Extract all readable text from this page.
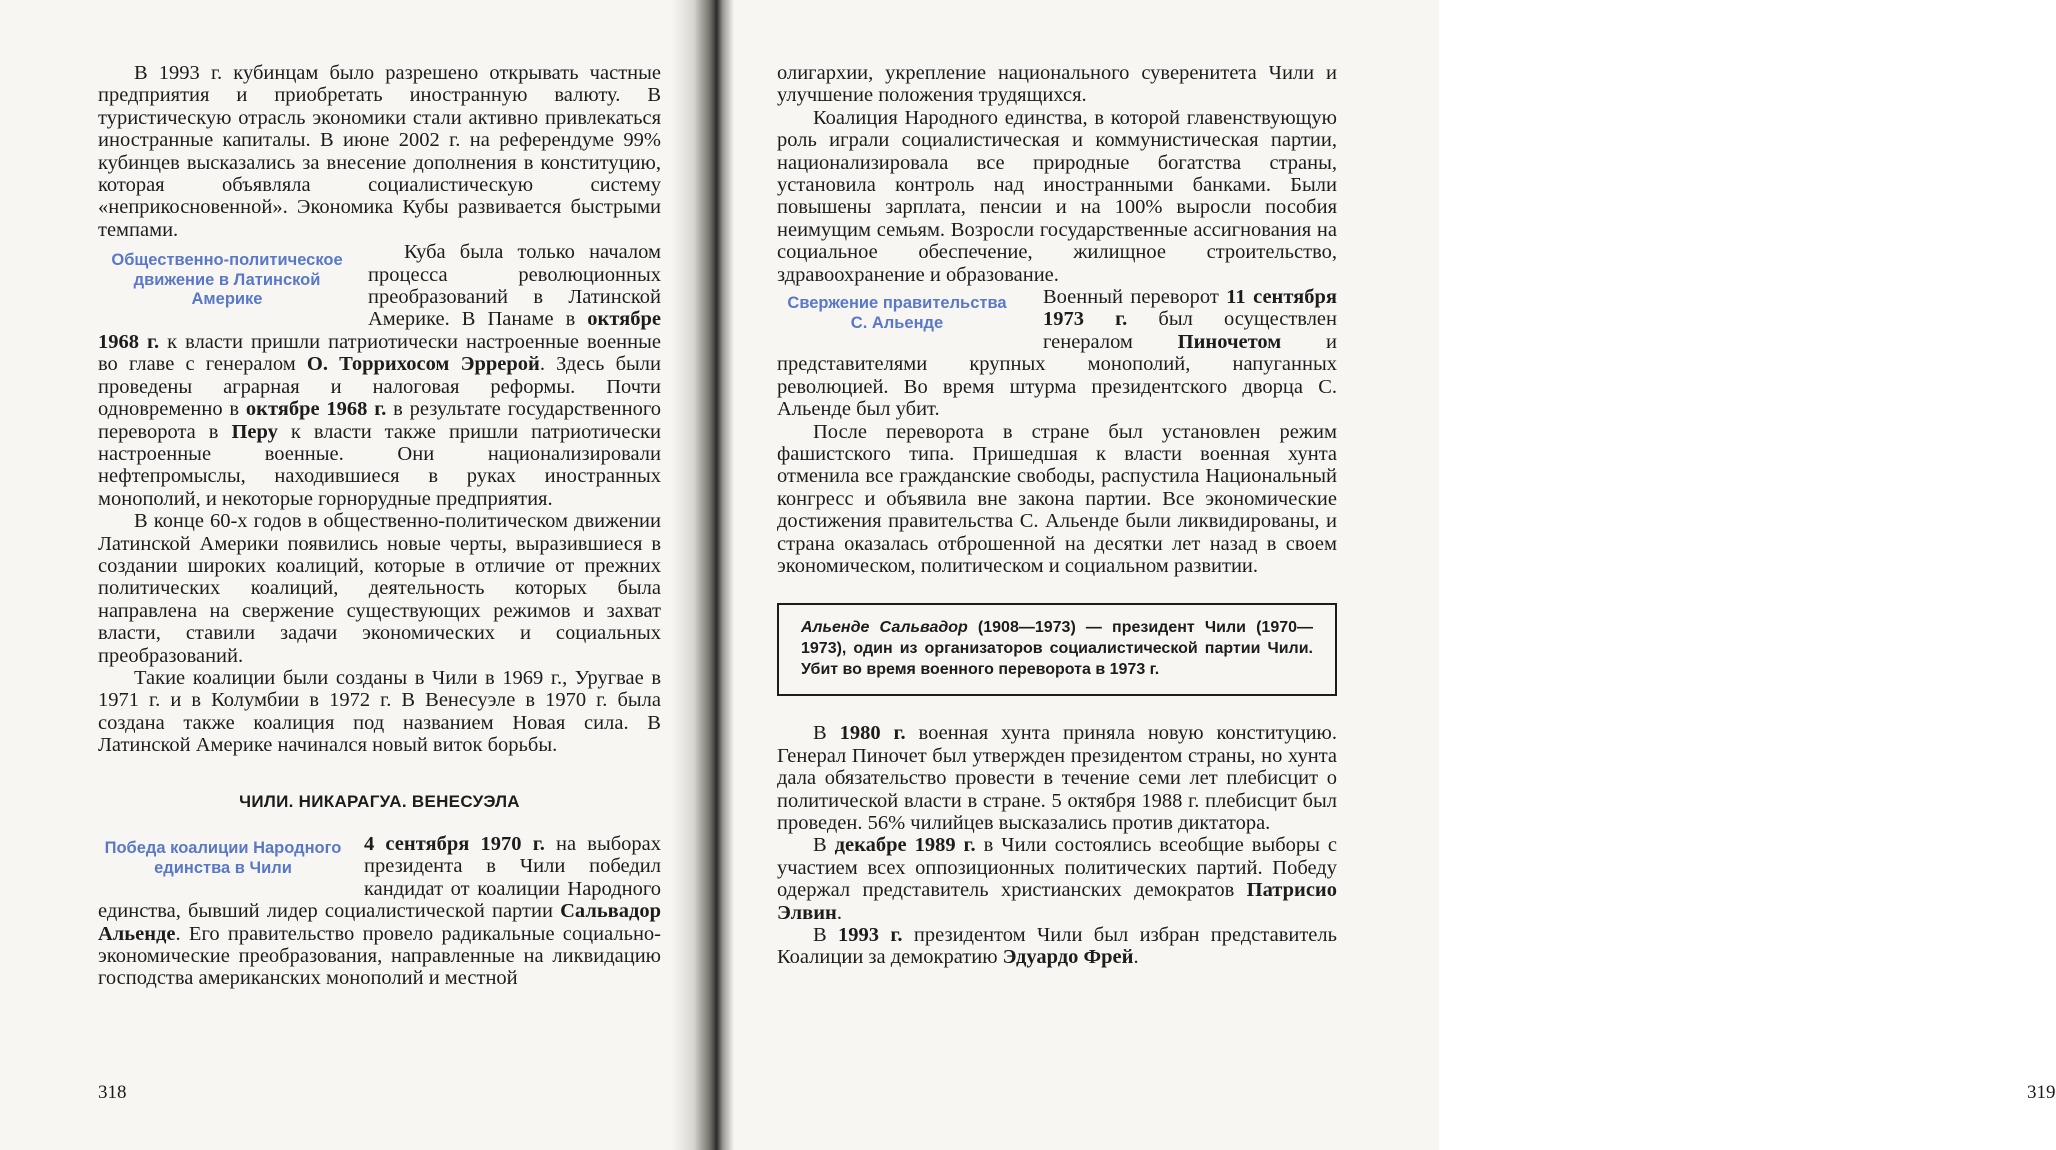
В 1993 г. кубинцам было разрешено открывать частные предприятия и приобретать иностранную валюту. В туристическую отрасль экономики стали активно привлекаться иностранные капиталы. В июне 2002 г. на референдуме 99% кубинцев высказались за внесение дополнения в конституцию, которая объявляла социалистическую систему «неприкосновенной». Экономика Кубы развивается быстрыми темпами.

Общественно-политическое движение в Латинской Америке

Куба была только началом процесса революционных преобразований в Латинской Америке. В Панаме в октябре 1968 г. к власти пришли патриотически настроенные военные во главе с генералом О. Торрихосом Эррерой. Здесь были проведены аграрная и налоговая реформы. Почти одновременно в октябре 1968 г. в результате государственного переворота в Перу к власти также пришли патриотически настроенные военные. Они национализировали нефтепромыслы, находившиеся в руках иностранных монополий, и некоторые горнорудные предприятия.

В конце 60-х годов в общественно-политическом движении Латинской Америки появились новые черты, выразившиеся в создании широких коалиций, которые в отличие от прежних политических коалиций, деятельность которых была направлена на свержение существующих режимов и захват власти, ставили задачи экономических и социальных преобразований.

Такие коалиции были созданы в Чили в 1969 г., Уругвае в 1971 г. и в Колумбии в 1972 г. В Венесуэле в 1970 г. была создана также коалиция под названием Новая сила. В Латинской Америке начинался новый виток борьбы.

ЧИЛИ. НИКАРАГУА. ВЕНЕСУЭЛА
Победа коалиции Народного единства в Чили

4 сентября 1970 г. на выборах президента в Чили победил кандидат от коалиции Народного единства, бывший лидер социалистической партии Сальвадор Альенде. Его правительство провело радикальные социально-экономические преобразования, направленные на ликвидацию господства американских монополий и местной

318	319

олигархии, укрепление национального суверенитета Чили и улучшение положения трудящихся.

Коалиция Народного единства, в которой главенствующую роль играли социалистическая и коммунистическая партии, национализировала все природные богатства страны, установила контроль над иностранными банками. Были повышены зарплата, пенсии и на 100% выросли пособия неимущим семьям. Возросли государственные ассигнования на социальное обеспечение, жилищное строительство, здравоохранение и образование.

Свержение правительства С. Альенде

Военный переворот 11 сентября 1973 г. был осуществлен генералом Пиночетом и представителями крупных монополий, напуганных революцией. Во время штурма президентского дворца С. Альенде был убит.

После переворота в стране был установлен режим фашистского типа. Пришедшая к власти военная хунта отменила все гражданские свободы, распустила Национальный конгресс и объявила вне закона партии. Все экономические достижения правительства С. Альенде были ликвидированы, и страна оказалась отброшенной на десятки лет назад в своем экономическом, политическом и социальном развитии.

Альенде Сальвадор (1908—1973) — президент Чили (1970—1973), один из организаторов социалистической партии Чили. Убит во время военного переворота в 1973 г.

В 1980 г. военная хунта приняла новую конституцию. Генерал Пиночет был утвержден президентом страны, но хунта дала обязательство провести в течение семи лет плебисцит о политической власти в стране. 5 октября 1988 г. плебисцит был проведен. 56% чилийцев высказались против диктатора.

В декабре 1989 г. в Чили состоялись всеобщие выборы с участием всех оппозиционных политических партий. Победу одержал представитель христианских демократов Патрисио Элвин.

В 1993 г. президентом Чили был избран представитель Коалиции за демократию Эдуардо Фрей.
